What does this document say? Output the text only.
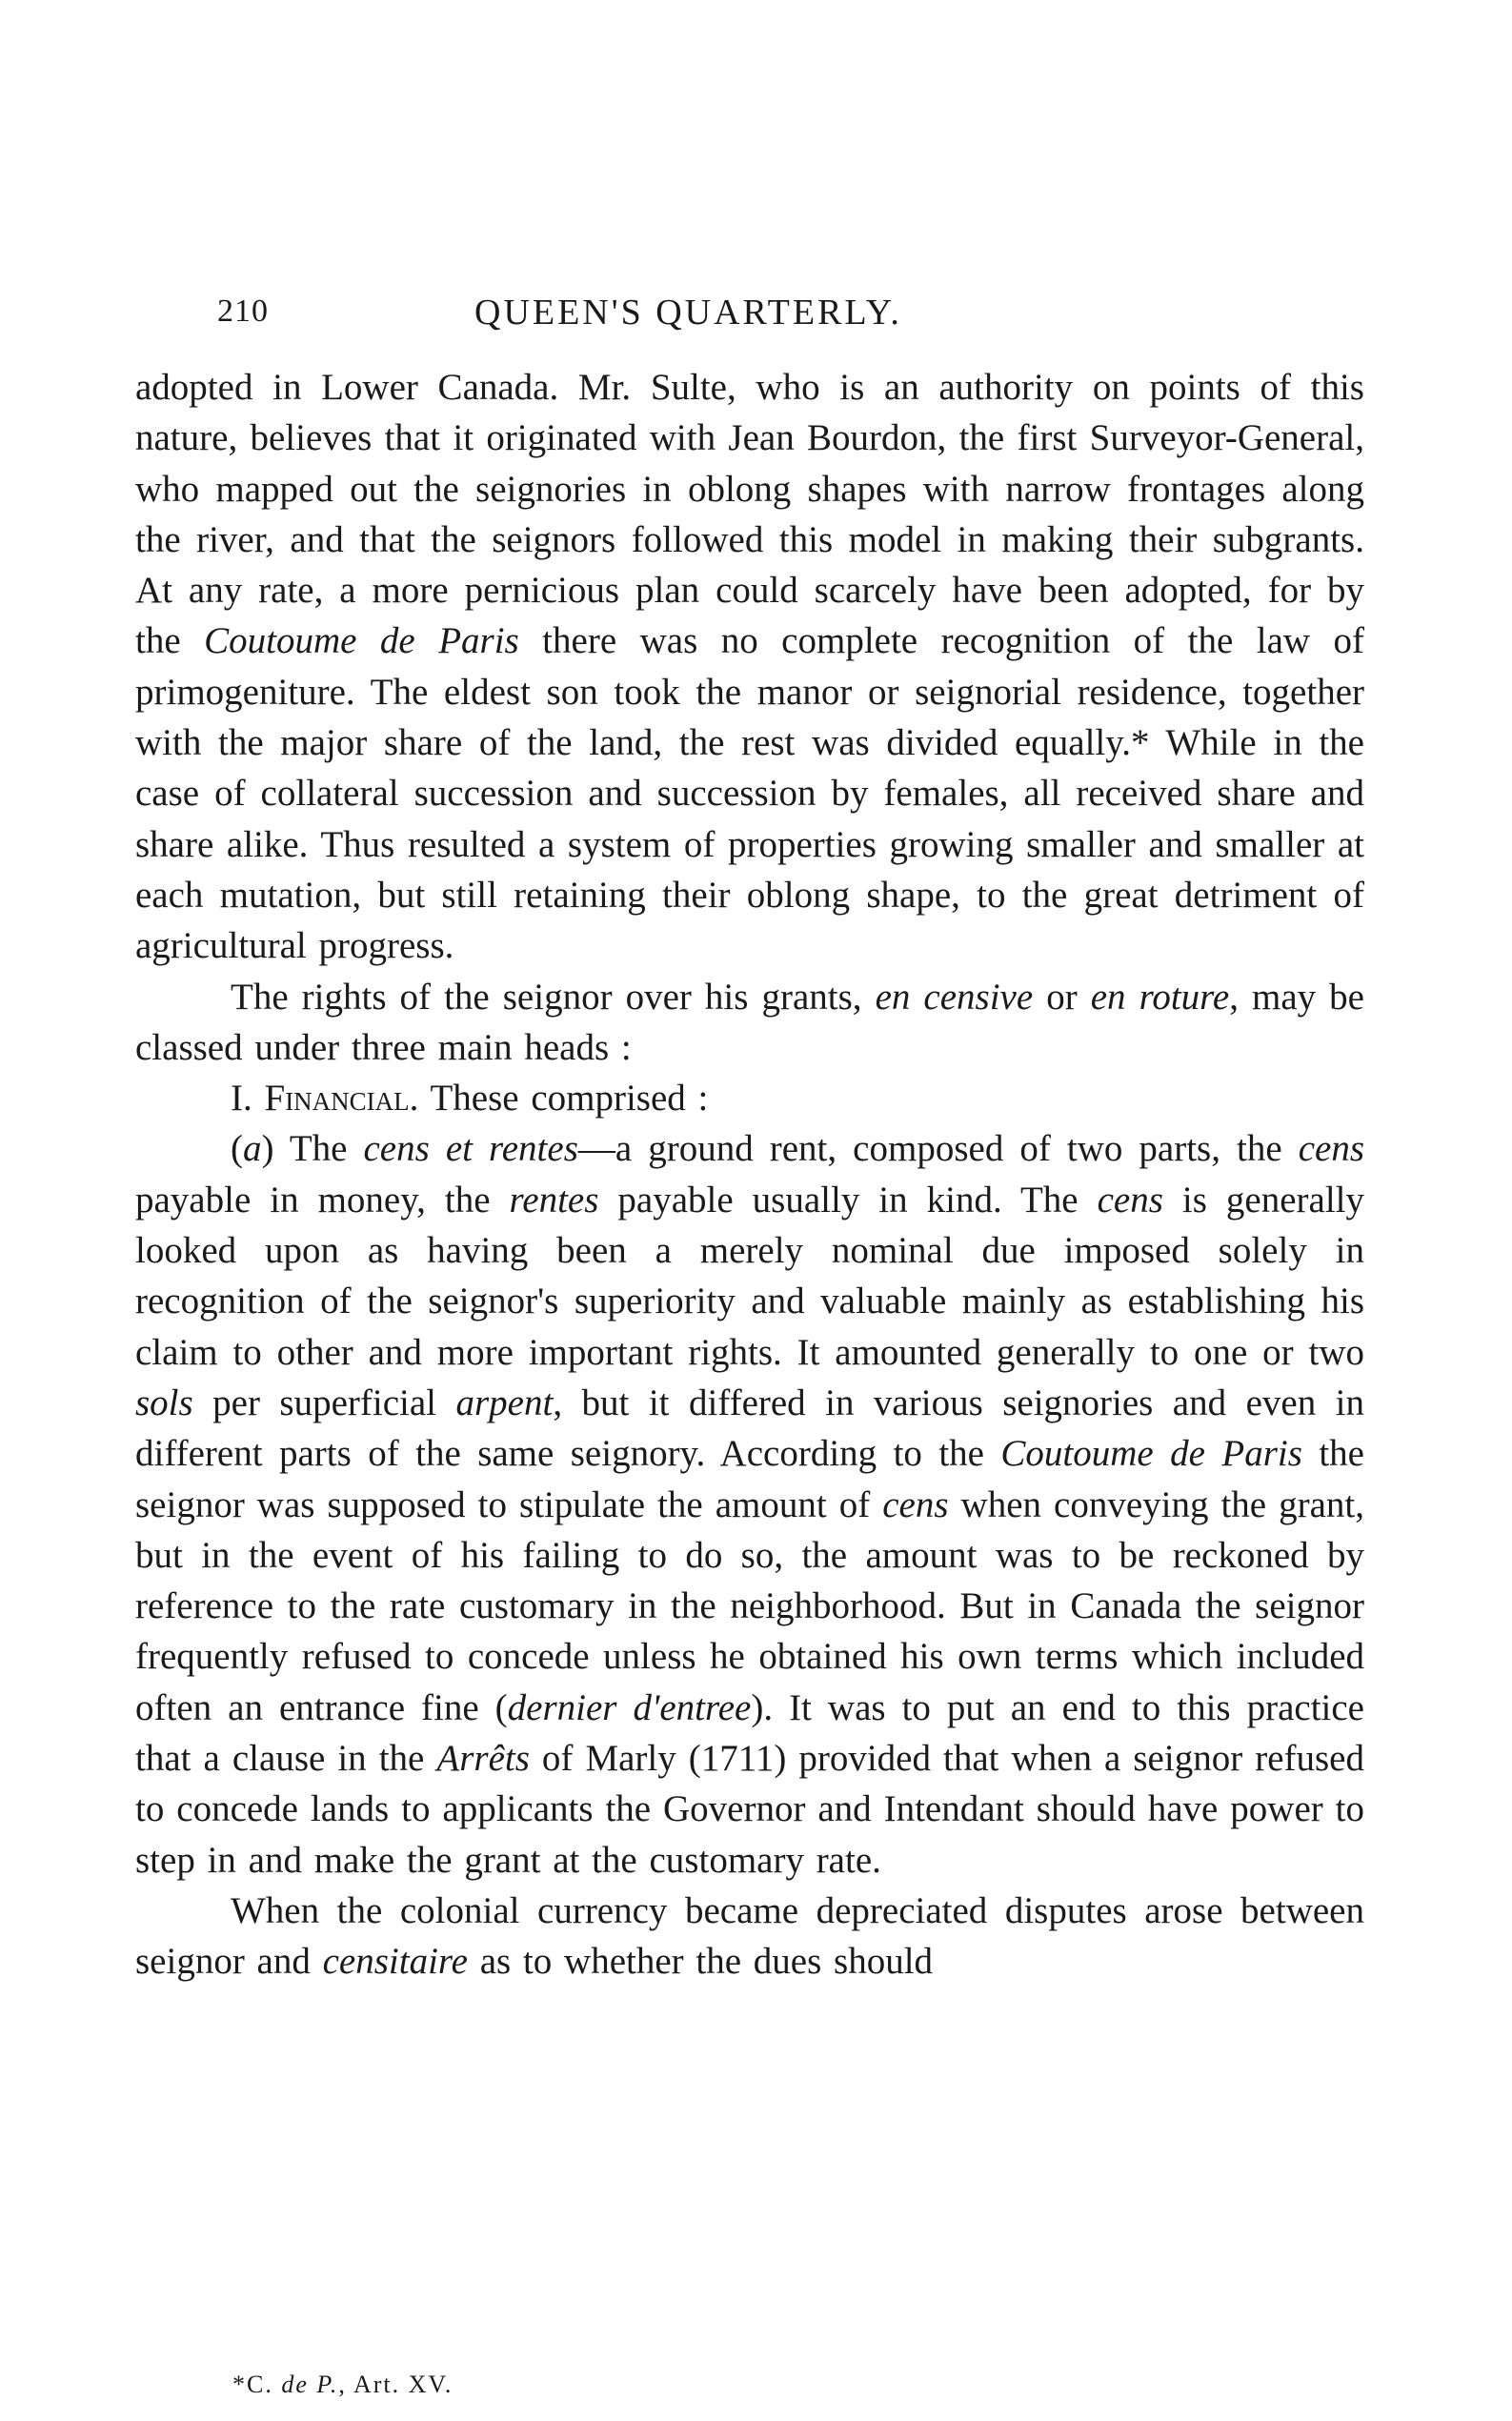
210	QUEEN'S QUARTERLY.

adopted in Lower Canada. Mr. Sulte, who is an authority on points of this nature, believes that it originated with Jean Bourdon, the first Surveyor-General, who mapped out the seignories in oblong shapes with narrow frontages along the river, and that the seignors followed this model in making their subgrants. At any rate, a more pernicious plan could scarcely have been adopted, for by the Coutoume de Paris there was no complete recognition of the law of primogeniture. The eldest son took the manor or seignorial residence, together with the major share of the land, the rest was divided equally.* While in the case of collateral succession and succession by females, all received share and share alike. Thus resulted a system of properties growing smaller and smaller at each mutation, but still retaining their oblong shape, to the great detriment of agricultural progress.

The rights of the seignor over his grants, en censive or en roture, may be classed under three main heads :

I. Financial. These comprised :

(a) The cens et rentes—a ground rent, composed of two parts, the cens payable in money, the rentes payable usually in kind. The cens is generally looked upon as having been a merely nominal due imposed solely in recognition of the seignor's superiority and valuable mainly as establishing his claim to other and more important rights. It amounted generally to one or two sols per superficial arpent, but it differed in various seignories and even in different parts of the same seignory. According to the Coutoume de Paris the seignor was supposed to stipulate the amount of cens when conveying the grant, but in the event of his failing to do so, the amount was to be reckoned by reference to the rate customary in the neighborhood. But in Canada the seignor frequently refused to concede unless he obtained his own terms which included often an entrance fine (dernier d'entree). It was to put an end to this practice that a clause in the Arrêts of Marly (1711) provided that when a seignor refused to concede lands to applicants the Governor and Intendant should have power to step in and make the grant at the customary rate.

When the colonial currency became depreciated disputes arose between seignor and censitaire as to whether the dues should

*C. de P., Art. XV.
